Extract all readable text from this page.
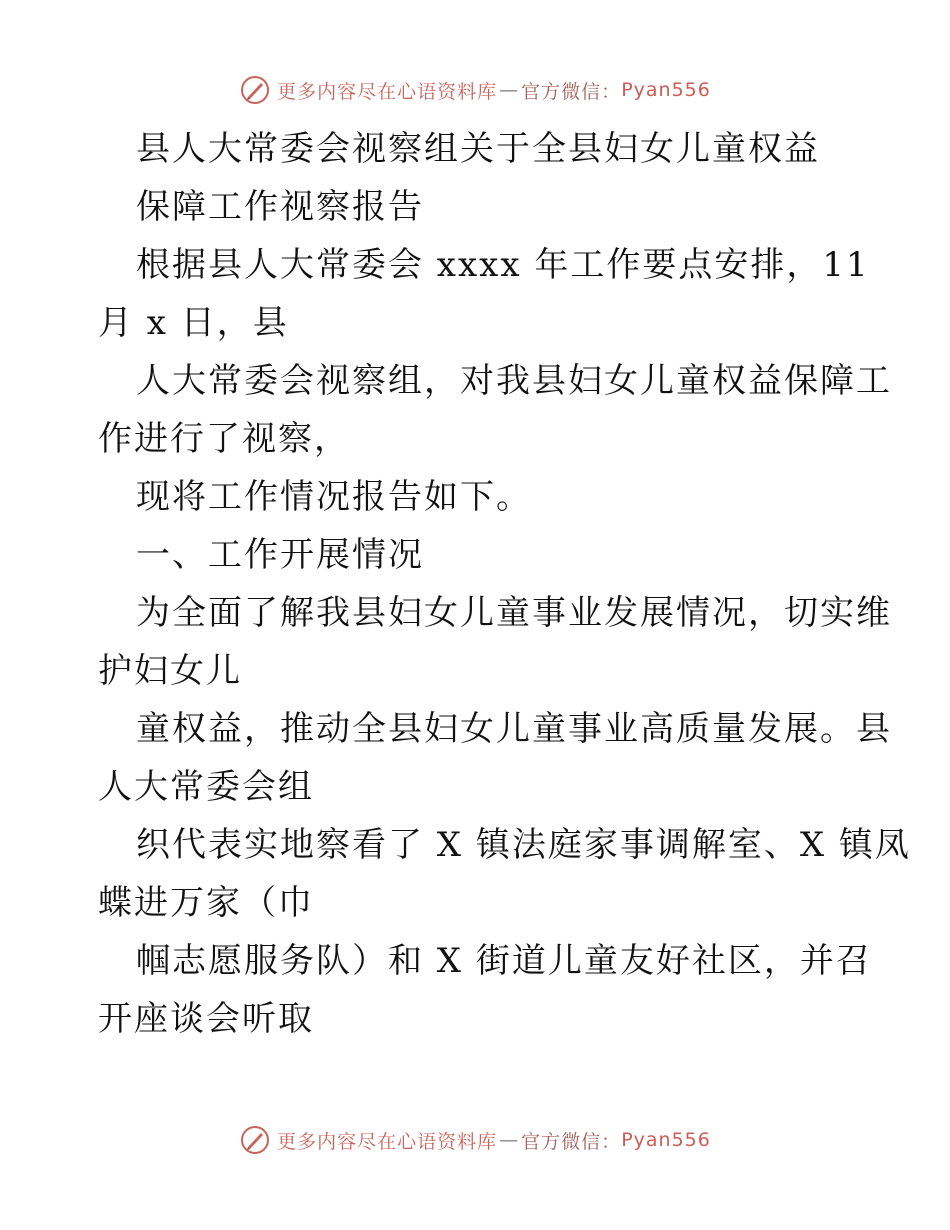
更多内容尽在心语资料库 — 官方微信： Pyan556
县人大常委会视察组关于全县妇女儿童权益
保障工作视察报告
根据县人大常委会 xxxx 年工作要点安排，11
月 x 日，县
人大常委会视察组，对我县妇女儿童权益保障工
作进行了视察，
现将工作情况报告如下。
一、工作开展情况
为全面了解我县妇女儿童事业发展情况，切实维
护妇女儿
童权益，推动全县妇女儿童事业高质量发展。县
人大常委会组
织代表实地察看了 X 镇法庭家事调解室、X 镇凤
蝶进万家（巾
帼志愿服务队）和 X 街道儿童友好社区，并召
开座谈会听取
更多内容尽在心语资料库 — 官方微信： Pyan556
